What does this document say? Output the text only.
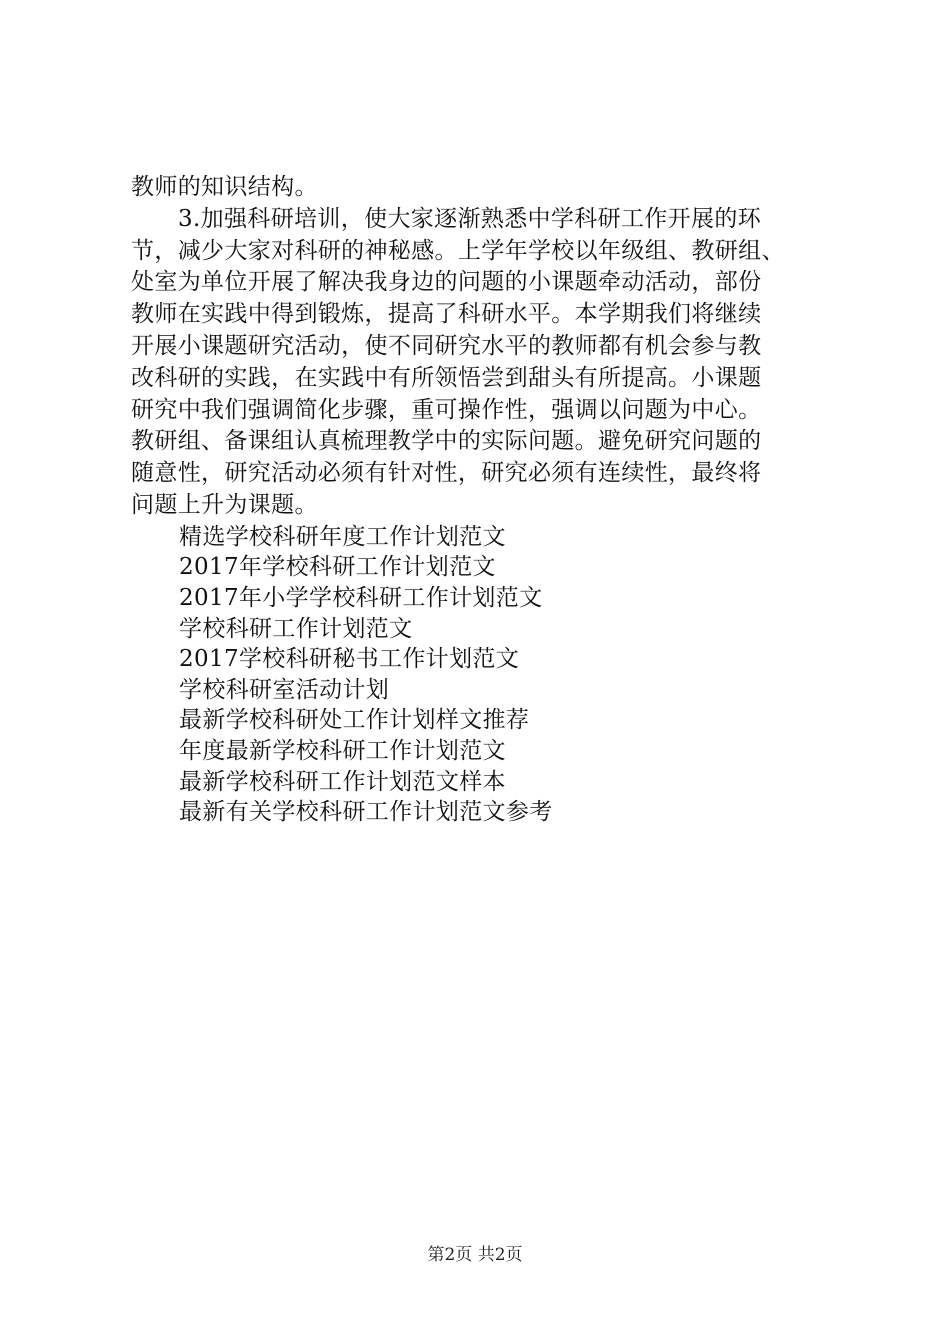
教师的知识结构。
3.加强科研培训，使大家逐渐熟悉中学科研工作开展的环
节，减少大家对科研的神秘感。上学年学校以年级组、教研组、
处室为单位开展了解决我身边的问题的小课题牵动活动，部份
教师在实践中得到锻炼，提高了科研水平。本学期我们将继续
开展小课题研究活动，使不同研究水平的教师都有机会参与教
改科研的实践，在实践中有所领悟尝到甜头有所提高。小课题
研究中我们强调简化步骤，重可操作性，强调以问题为中心。
教研组、备课组认真梳理教学中的实际问题。避免研究问题的
随意性，研究活动必须有针对性，研究必须有连续性，最终将
问题上升为课题。
精选学校科研年度工作计划范文
2017年学校科研工作计划范文
2017年小学学校科研工作计划范文
学校科研工作计划范文
2017学校科研秘书工作计划范文
学校科研室活动计划
最新学校科研处工作计划样文推荐
年度最新学校科研工作计划范文
最新学校科研工作计划范文样本
最新有关学校科研工作计划范文参考
第2页 共2页
